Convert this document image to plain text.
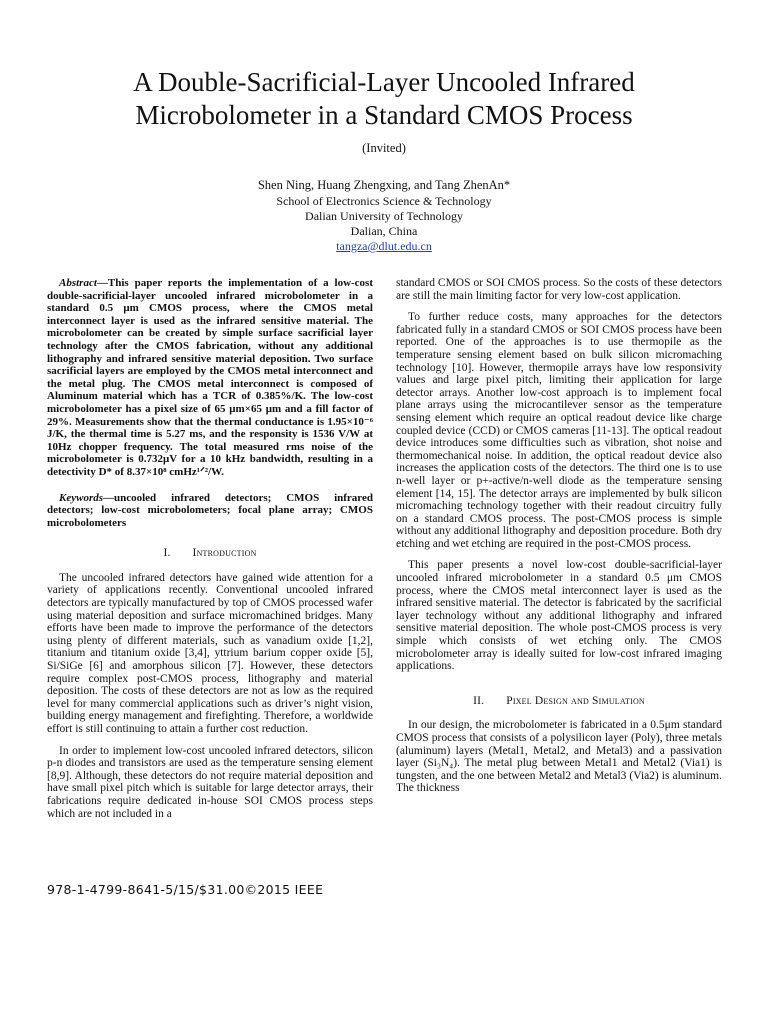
A Double-Sacrificial-Layer Uncooled Infrared
Microbolometer in a Standard CMOS Process
(Invited)
Shen Ning, Huang Zhengxing, and Tang ZhenAn*
School of Electronics Science & Technology
Dalian University of Technology
Dalian, China
tangza@dlut.edu.cn

Abstract—This paper reports the implementation of a low-cost double-sacrificial-layer uncooled infrared microbolometer in a standard 0.5 μm CMOS process, where the CMOS metal interconnect layer is used as the infrared sensitive material. The microbolometer can be created by simple surface sacrificial layer technology after the CMOS fabrication, without any additional lithography and infrared sensitive material deposition. Two surface sacrificial layers are employed by the CMOS metal interconnect and the metal plug. The CMOS metal interconnect is composed of Aluminum material which has a TCR of 0.385%/K. The low-cost microbolometer has a pixel size of 65 μm×65 μm and a fill factor of 29%. Measurements show that the thermal conductance is 1.95×10⁻⁶ J/K, the thermal time is 5.27 ms, and the responsity is 1536 V/W at 10Hz chopper frequency. The total measured rms noise of the microbolometer is 0.732μV for a 10 kHz bandwidth, resulting in a detectivity D* of 8.37×10⁸ cmHz¹ᐟ²/W.

Keywords—uncooled infrared detectors; CMOS infrared detectors; low-cost microbolometers; focal plane array; CMOS microbolometers

I. Introduction

The uncooled infrared detectors have gained wide attention for a variety of applications recently. Conventional uncooled infrared detectors are typically manufactured by top of CMOS processed wafer using material deposition and surface micromachined bridges. Many efforts have been made to improve the performance of the detectors using plenty of different materials, such as vanadium oxide [1,2], titanium and titanium oxide [3,4], yttrium barium copper oxide [5], Si/SiGe [6] and amorphous silicon [7]. However, these detectors require complex post-CMOS process, lithography and material deposition. The costs of these detectors are not as low as the required level for many commercial applications such as driver’s night vision, building energy management and firefighting. Therefore, a worldwide effort is still continuing to attain a further cost reduction.

In order to implement low-cost uncooled infrared detectors, silicon p-n diodes and transistors are used as the temperature sensing element [8,9]. Although, these detectors do not require material deposition and have small pixel pitch which is suitable for large detector arrays, their fabrications require dedicated in-house SOI CMOS process steps which are not included in a

standard CMOS or SOI CMOS process. So the costs of these detectors are still the main limiting factor for very low-cost application.

To further reduce costs, many approaches for the detectors fabricated fully in a standard CMOS or SOI CMOS process have been reported. One of the approaches is to use thermopile as the temperature sensing element based on bulk silicon micromaching technology [10]. However, thermopile arrays have low responsivity values and large pixel pitch, limiting their application for large detector arrays. Another low-cost approach is to implement focal plane arrays using the microcantilever sensor as the temperature sensing element which require an optical readout device like charge coupled device (CCD) or CMOS cameras [11-13]. The optical readout device introduces some difficulties such as vibration, shot noise and thermomechanical noise. In addition, the optical readout device also increases the application costs of the detectors. The third one is to use n-well layer or p+-active/n-well diode as the temperature sensing element [14, 15]. The detector arrays are implemented by bulk silicon micromaching technology together with their readout circuitry fully on a standard CMOS process. The post-CMOS process is simple without any additional lithography and deposition procedure. Both dry etching and wet etching are required in the post-CMOS process.

This paper presents a novel low-cost double-sacrificial-layer uncooled infrared microbolometer in a standard 0.5 μm CMOS process, where the CMOS metal interconnect layer is used as the infrared sensitive material. The detector is fabricated by the sacrificial layer technology without any additional lithography and infrared sensitive material deposition. The whole post-CMOS process is very simple which consists of wet etching only. The CMOS microbolometer array is ideally suited for low-cost infrared imaging applications.

II. Pixel Design and Simulation

In our design, the microbolometer is fabricated in a 0.5μm standard CMOS process that consists of a polysilicon layer (Poly), three metals (aluminum) layers (Metal1, Metal2, and Metal3) and a passivation layer (Si₃N₄). The metal plug between Metal1 and Metal2 (Via1) is tungsten, and the one between Metal2 and Metal3 (Via2) is aluminum. The thickness

978-1-4799-8641-5/15/$31.00©2015 IEEE
